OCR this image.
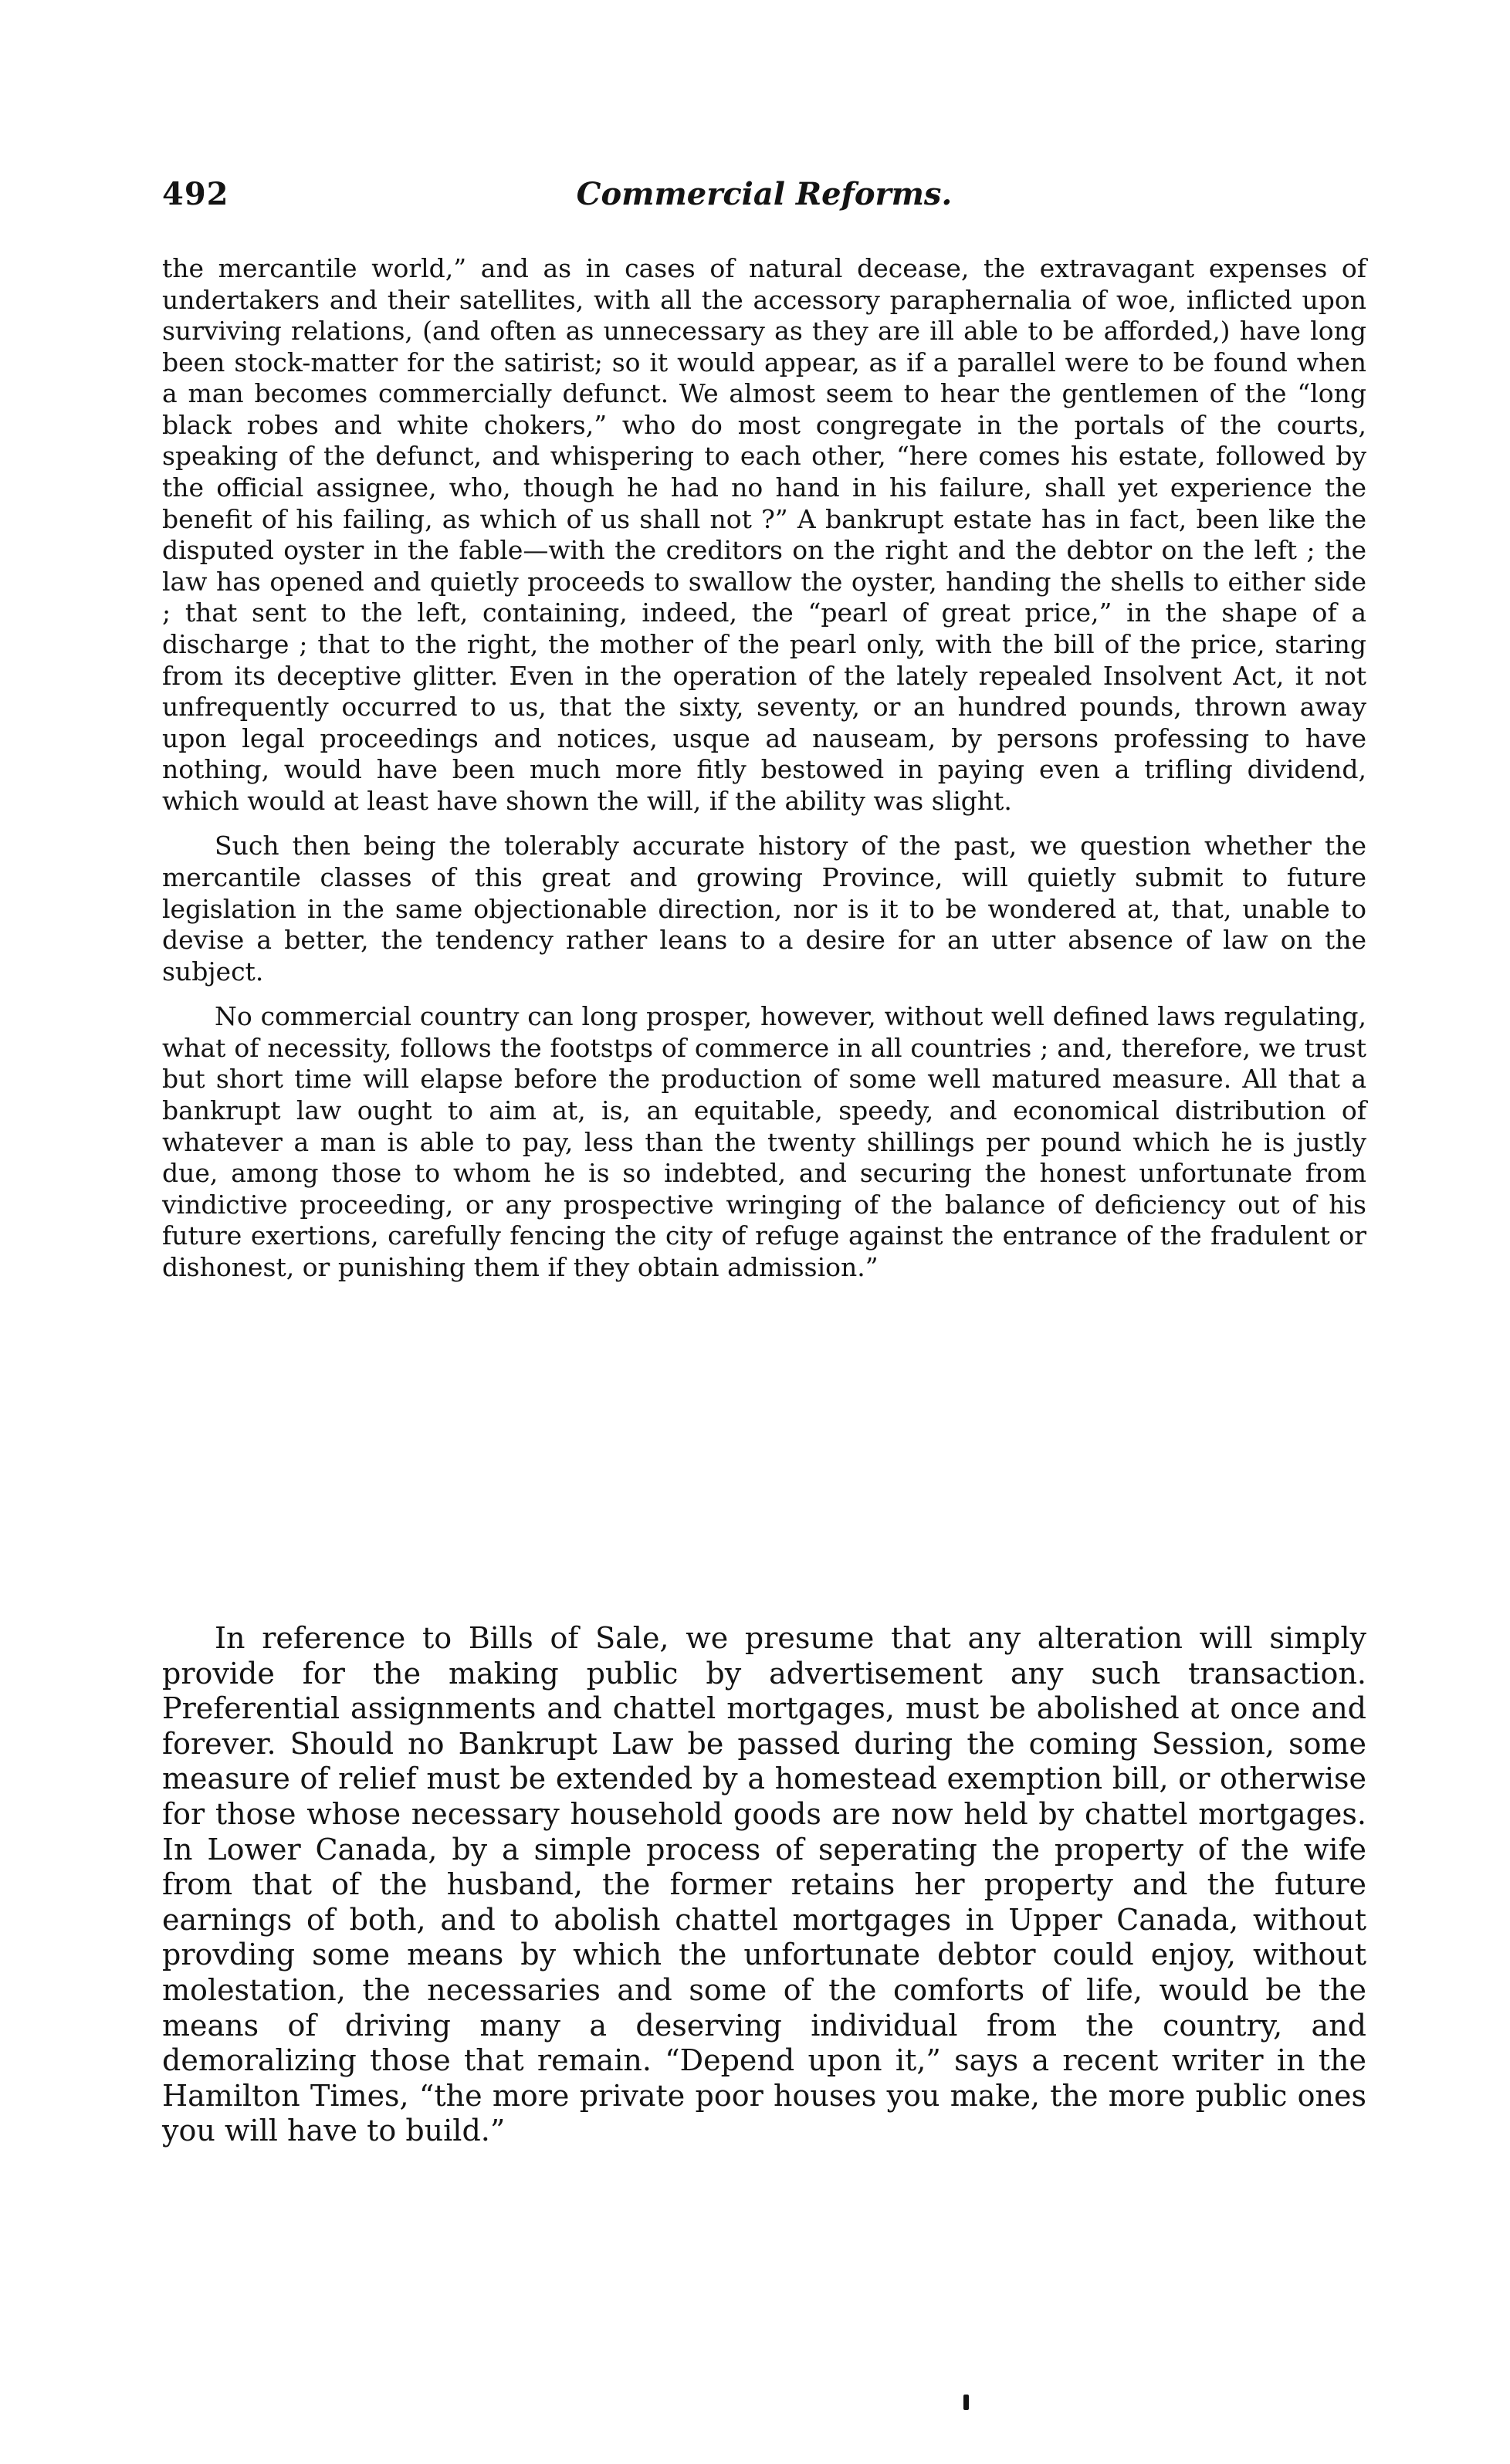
492	Commercial Reforms.

the mercantile world,” and as in cases of natural decease, the extravagant expenses of undertakers and their satellites, with all the accessory paraphernalia of woe, inflicted upon surviving relations, (and often as unnecessary as they are ill able to be afforded,) have long been stock-matter for the satirist; so it would appear, as if a parallel were to be found when a man becomes commercially defunct. We almost seem to hear the gentlemen of the “long black robes and white chokers,” who do most congregate in the portals of the courts, speaking of the defunct, and whispering to each other, “here comes his estate, followed by the official assignee, who, though he had no hand in his failure, shall yet experience the benefit of his failing, as which of us shall not ?” A bankrupt estate has in fact, been like the disputed oyster in the fable—with the creditors on the right and the debtor on the left ; the law has opened and quietly proceeds to swallow the oyster, handing the shells to either side ; that sent to the left, containing, indeed, the “pearl of great price,” in the shape of a discharge ; that to the right, the mother of the pearl only, with the bill of the price, staring from its deceptive glitter. Even in the operation of the lately repealed Insolvent Act, it not unfrequently occurred to us, that the sixty, seventy, or an hundred pounds, thrown away upon legal proceedings and notices, usque ad nauseam, by persons professing to have nothing, would have been much more fitly bestowed in paying even a trifling dividend, which would at least have shown the will, if the ability was slight.

Such then being the tolerably accurate history of the past, we question whether the mercantile classes of this great and growing Province, will quietly submit to future legislation in the same objectionable direction, nor is it to be wondered at, that, unable to devise a better, the tendency rather leans to a desire for an utter absence of law on the subject.

No commercial country can long prosper, however, without well defined laws regulating, what of necessity, follows the footstps of commerce in all countries ; and, therefore, we trust but short time will elapse before the production of some well matured measure. All that a bankrupt law ought to aim at, is, an equitable, speedy, and economical distribution of whatever a man is able to pay, less than the twenty shillings per pound which he is justly due, among those to whom he is so indebted, and securing the honest unfortunate from vindictive proceeding, or any prospective wringing of the balance of deficiency out of his future exertions, carefully fencing the city of refuge against the entrance of the fradulent or dishonest, or punishing them if they obtain admission.”

In reference to Bills of Sale, we presume that any alteration will simply provide for the making public by advertisement any such transaction. Preferential assignments and chattel mortgages, must be abolished at once and forever. Should no Bankrupt Law be passed during the coming Session, some measure of relief must be extended by a homestead exemption bill, or otherwise for those whose necessary household goods are now held by chattel mortgages. In Lower Canada, by a simple process of seperating the property of the wife from that of the husband, the former retains her property and the future earnings of both, and to abolish chattel mortgages in Upper Canada, without provding some means by which the unfortunate debtor could enjoy, without molestation, the necessaries and some of the comforts of life, would be the means of driving many a deserving individual from the country, and demoralizing those that remain. “Depend upon it,” says a recent writer in the Hamilton Times, “the more private poor houses you make, the more public ones you will have to build.”
